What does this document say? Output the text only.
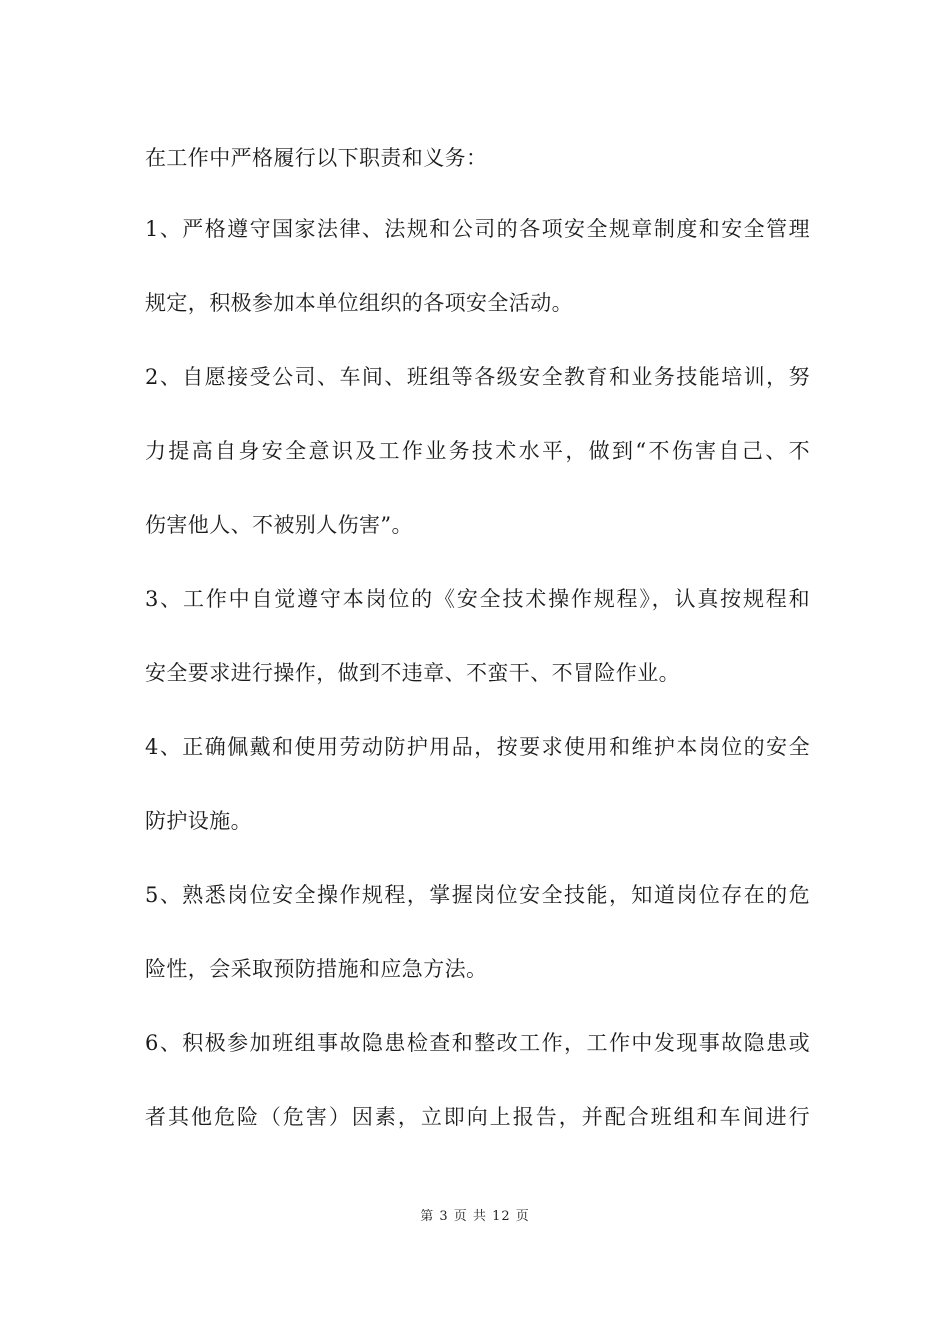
在工作中严格履行以下职责和义务：
1、严格遵守国家法律、法规和公司的各项安全规章制度和安全管理
规定，积极参加本单位组织的各项安全活动。
2、自愿接受公司、车间、班组等各级安全教育和业务技能培训，努
力提高自身安全意识及工作业务技术水平，做到“不伤害自己、不
伤害他人、不被别人伤害”。
3、工作中自觉遵守本岗位的《安全技术操作规程》，认真按规程和
安全要求进行操作，做到不违章、不蛮干、不冒险作业。
4、正确佩戴和使用劳动防护用品，按要求使用和维护本岗位的安全
防护设施。
5、熟悉岗位安全操作规程，掌握岗位安全技能，知道岗位存在的危
险性，会采取预防措施和应急方法。
6、积极参加班组事故隐患检查和整改工作，工作中发现事故隐患或
者其他危险（危害）因素，立即向上报告，并配合班组和车间进行
第 3 页 共 12 页
